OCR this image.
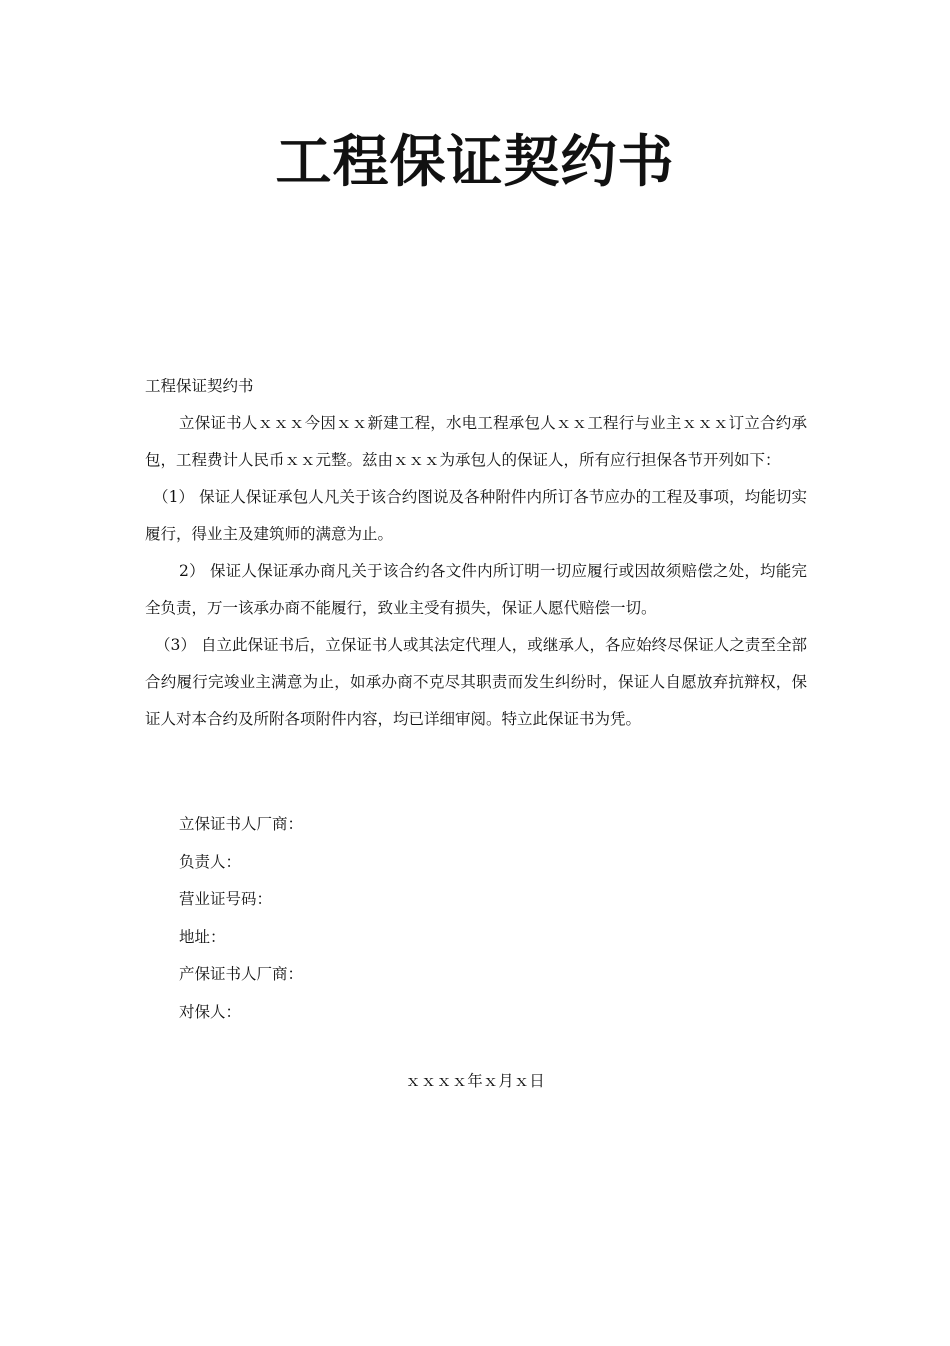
工程保证契约书

工程保证契约书

立保证书人ｘｘｘ今因ｘｘ新建工程，水电工程承包人ｘｘ工程行与业主ｘｘｘ订立合约承包，工程费计人民币ｘｘ元整。兹由ｘｘｘ为承包人的保证人，所有应行担保各节开列如下：

（1） 保证人保证承包人凡关于该合约图说及各种附件内所订各节应办的工程及事项，均能切实履行，得业主及建筑师的满意为止。

2） 保证人保证承办商凡关于该合约各文件内所订明一切应履行或因故须赔偿之处，均能完全负责，万一该承办商不能履行，致业主受有损失，保证人愿代赔偿一切。

（3） 自立此保证书后，立保证书人或其法定代理人，或继承人，各应始终尽保证人之责至全部合约履行完竣业主满意为止，如承办商不克尽其职责而发生纠纷时，保证人自愿放弃抗辩权，保证人对本合约及所附各项附件内容，均已详细审阅。特立此保证书为凭。

立保证书人厂商：
负责人：
营业证号码：
地址：
产保证书人厂商：
对保人：
ｘｘｘｘ年ｘ月ｘ日
